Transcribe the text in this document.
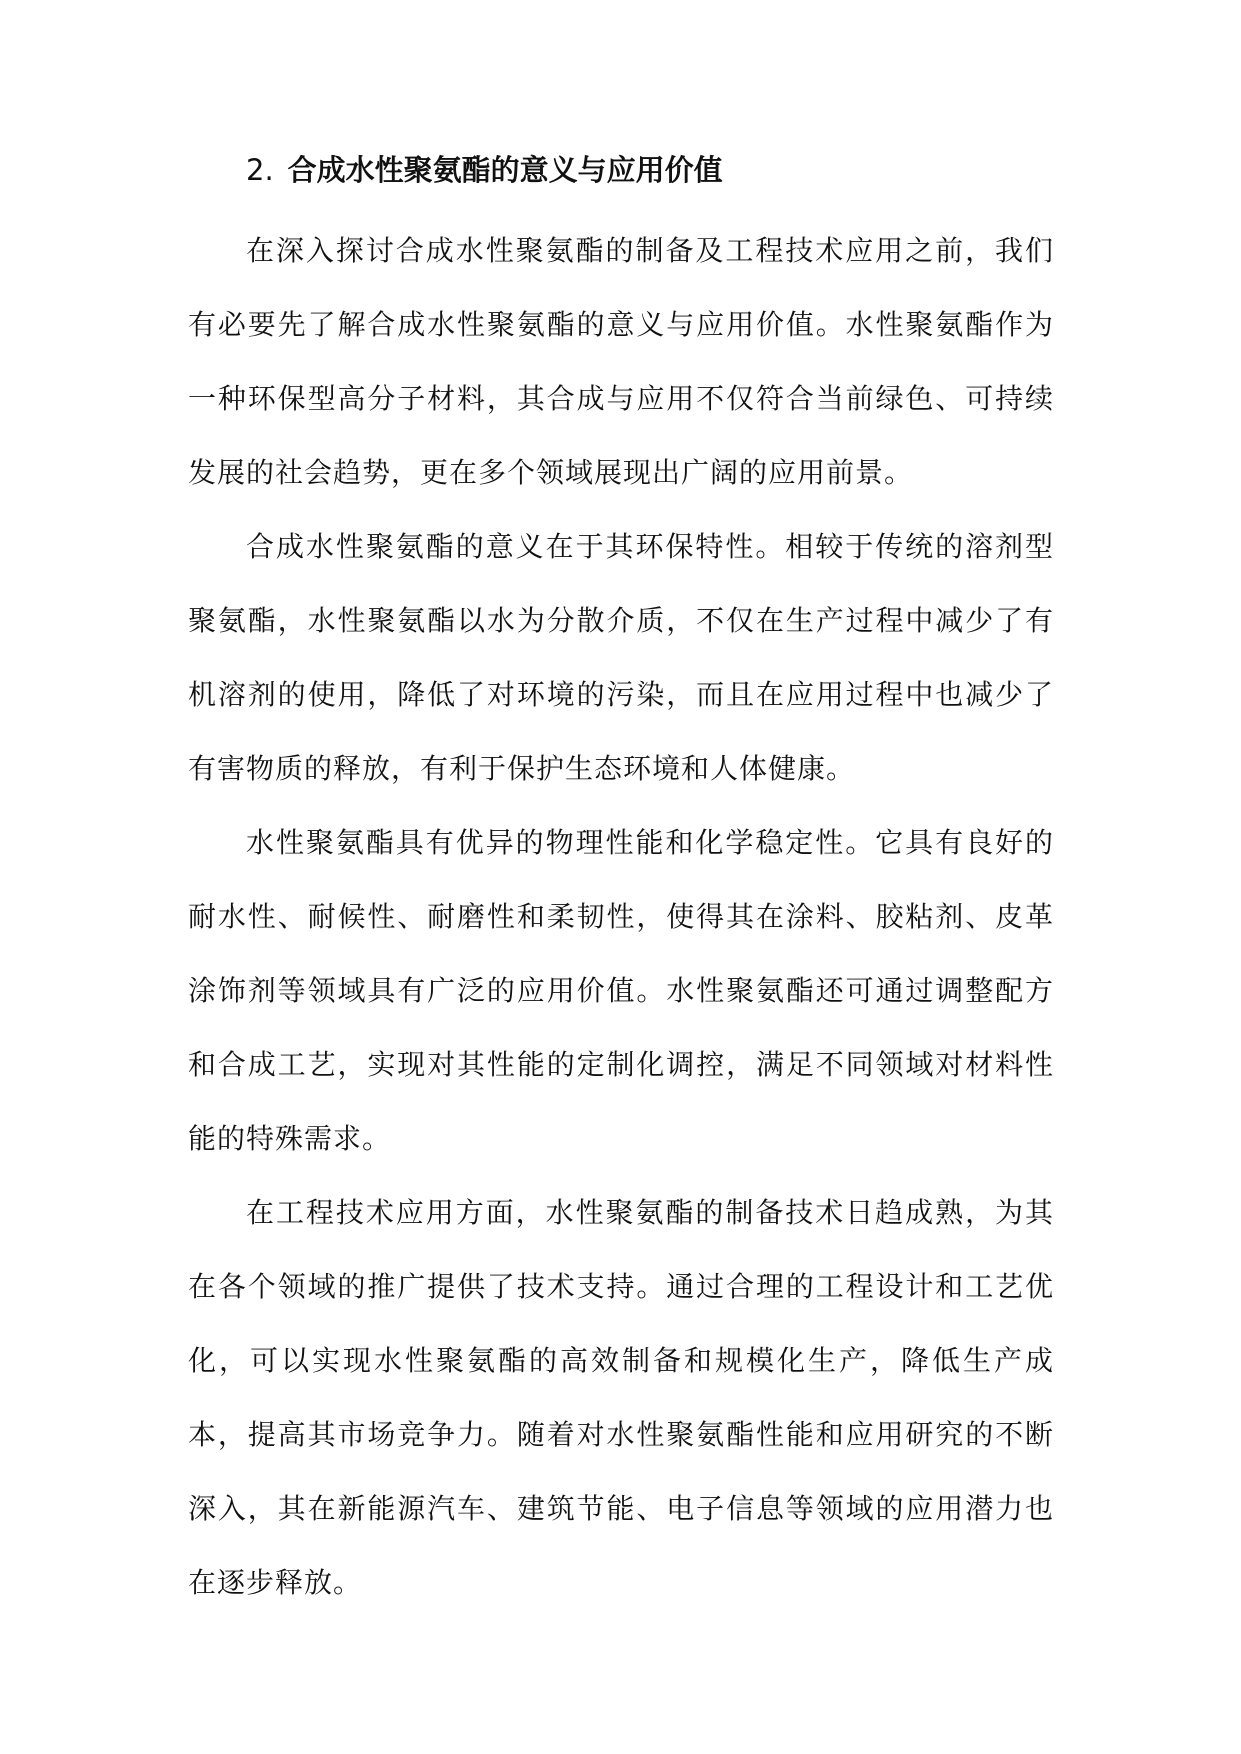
2. 合成水性聚氨酯的意义与应用价值

在深入探讨合成水性聚氨酯的制备及工程技术应用之前，我们有必要先了解合成水性聚氨酯的意义与应用价值。水性聚氨酯作为一种环保型高分子材料，其合成与应用不仅符合当前绿色、可持续发展的社会趋势，更在多个领域展现出广阔的应用前景。

合成水性聚氨酯的意义在于其环保特性。相较于传统的溶剂型聚氨酯，水性聚氨酯以水为分散介质，不仅在生产过程中减少了有机溶剂的使用，降低了对环境的污染，而且在应用过程中也减少了有害物质的释放，有利于保护生态环境和人体健康。

水性聚氨酯具有优异的物理性能和化学稳定性。它具有良好的耐水性、耐候性、耐磨性和柔韧性，使得其在涂料、胶粘剂、皮革涂饰剂等领域具有广泛的应用价值。水性聚氨酯还可通过调整配方和合成工艺，实现对其性能的定制化调控，满足不同领域对材料性能的特殊需求。

在工程技术应用方面，水性聚氨酯的制备技术日趋成熟，为其在各个领域的推广提供了技术支持。通过合理的工程设计和工艺优化，可以实现水性聚氨酯的高效制备和规模化生产，降低生产成本，提高其市场竞争力。随着对水性聚氨酯性能和应用研究的不断深入，其在新能源汽车、建筑节能、电子信息等领域的应用潜力也在逐步释放。
